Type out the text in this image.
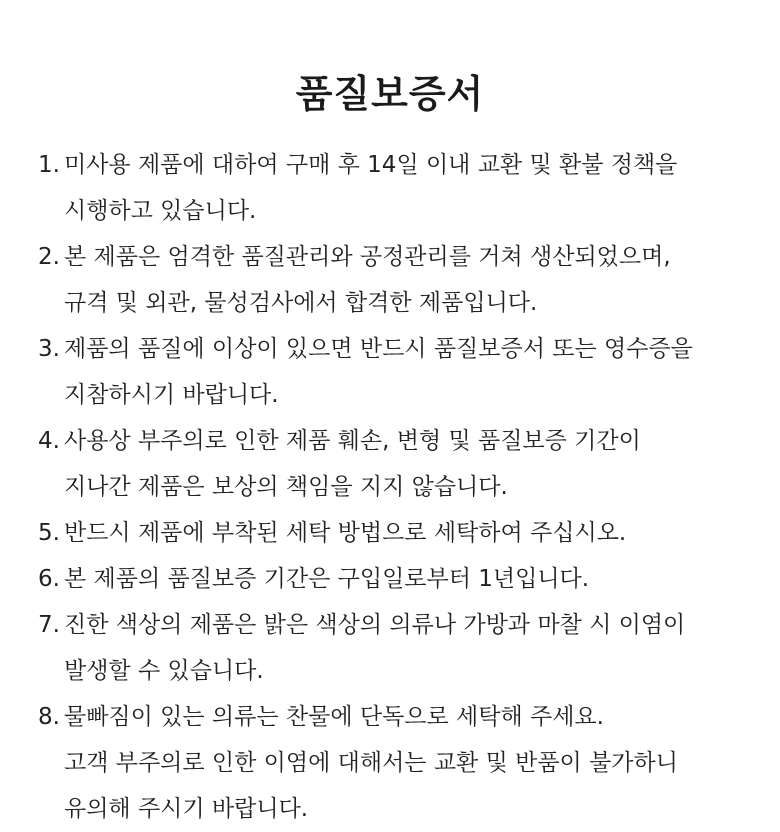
품질보증서
1. 미사용 제품에 대하여 구매 후 14일 이내 교환 및 환불 정책을
시행하고 있습니다.
2. 본 제품은 엄격한 품질관리와 공정관리를 거쳐 생산되었으며,
규격 및 외관, 물성검사에서 합격한 제품입니다.
3. 제품의 품질에 이상이 있으면 반드시 품질보증서 또는 영수증을
지참하시기 바랍니다.
4. 사용상 부주의로 인한 제품 훼손, 변형 및 품질보증 기간이
지나간 제품은 보상의 책임을 지지 않습니다.
5. 반드시 제품에 부착된 세탁 방법으로 세탁하여 주십시오.
6. 본 제품의 품질보증 기간은 구입일로부터 1년입니다.
7. 진한 색상의 제품은 밝은 색상의 의류나 가방과 마찰 시 이염이
발생할 수 있습니다.
8. 물빠짐이 있는 의류는 찬물에 단독으로 세탁해 주세요.
고객 부주의로 인한 이염에 대해서는 교환 및 반품이 불가하니
유의해 주시기 바랍니다.
